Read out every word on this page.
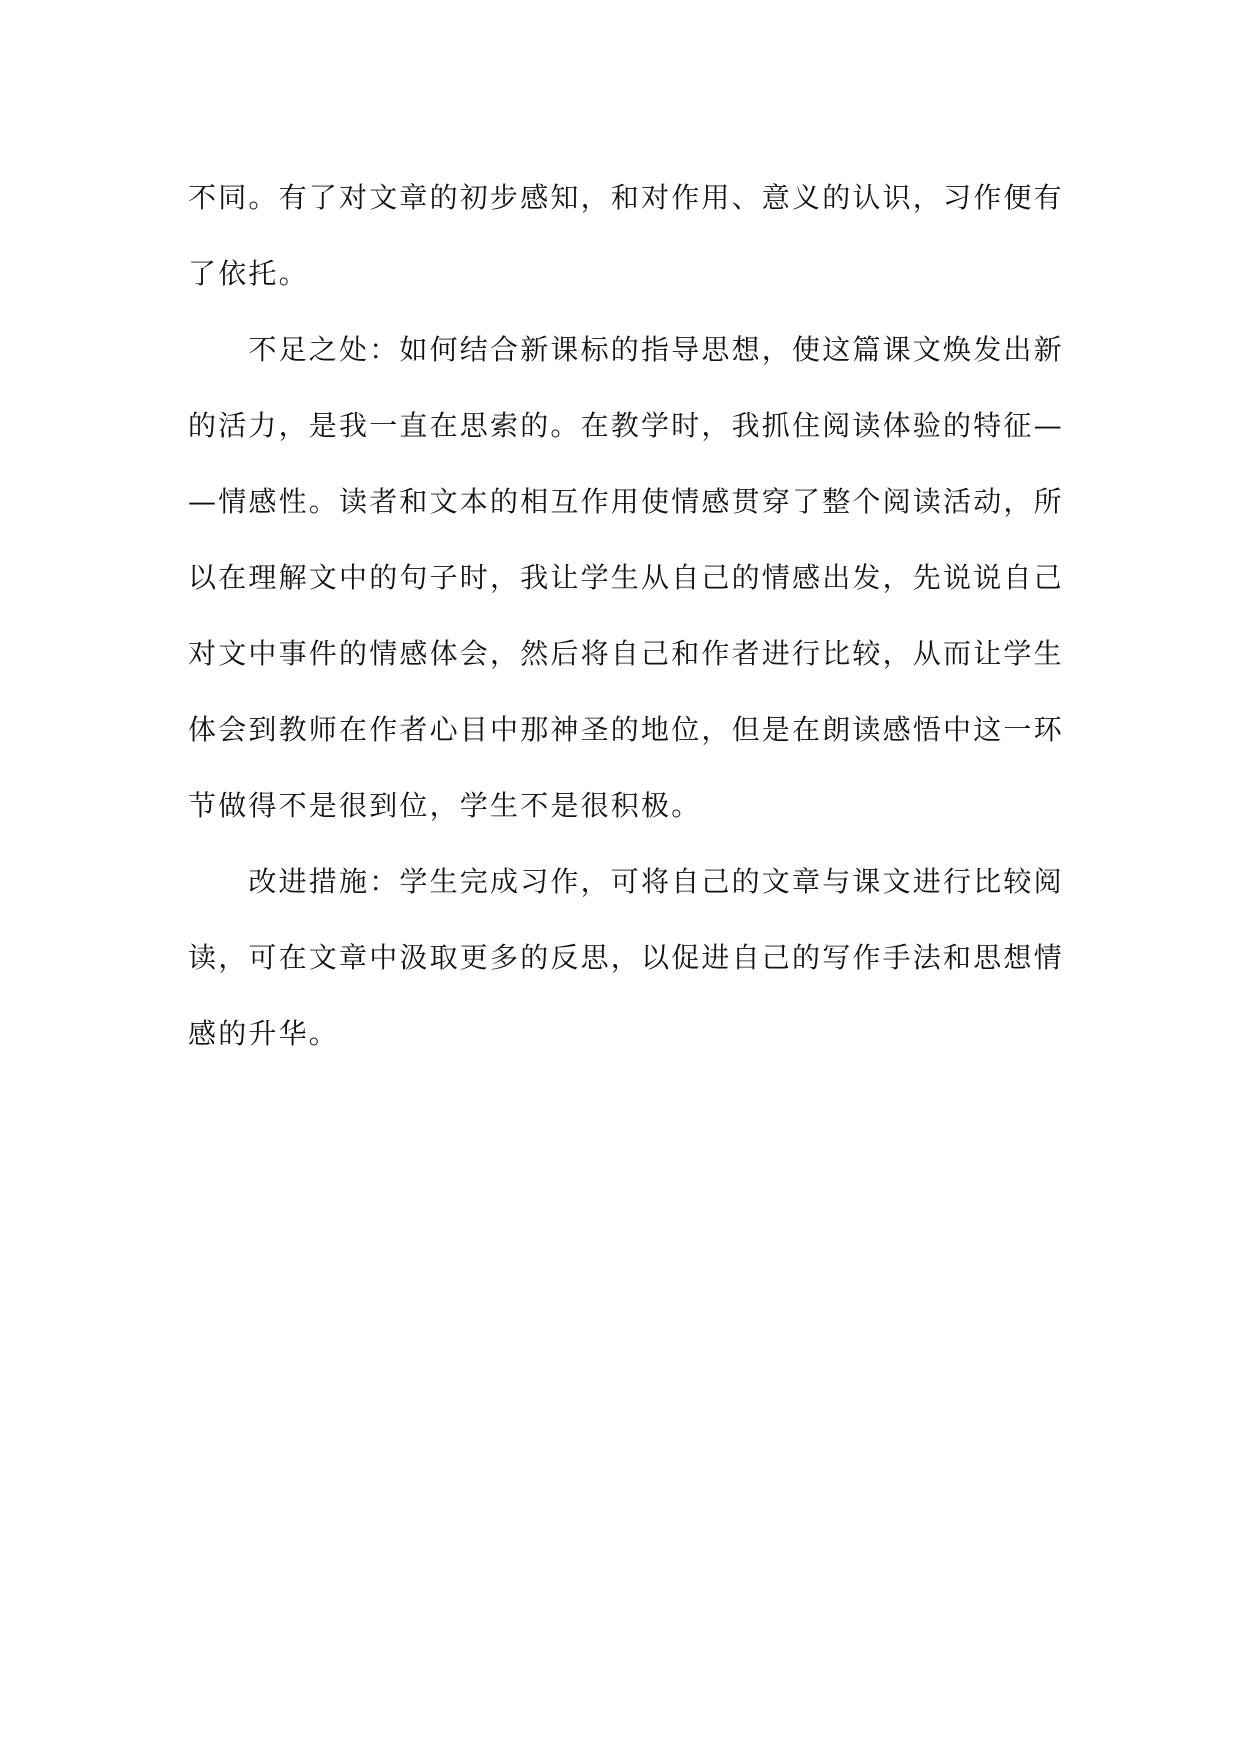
不同。有了对文章的初步感知，和对作用、意义的认识，习作便有
了依托。
　　不足之处：如何结合新课标的指导思想，使这篇课文焕发出新
的活力，是我一直在思索的。在教学时，我抓住阅读体验的特征—
—情感性。读者和文本的相互作用使情感贯穿了整个阅读活动，所
以在理解文中的句子时，我让学生从自己的情感出发，先说说自己
对文中事件的情感体会，然后将自己和作者进行比较，从而让学生
体会到教师在作者心目中那神圣的地位，但是在朗读感悟中这一环
节做得不是很到位，学生不是很积极。
　　改进措施：学生完成习作，可将自己的文章与课文进行比较阅
读，可在文章中汲取更多的反思，以促进自己的写作手法和思想情
感的升华。
